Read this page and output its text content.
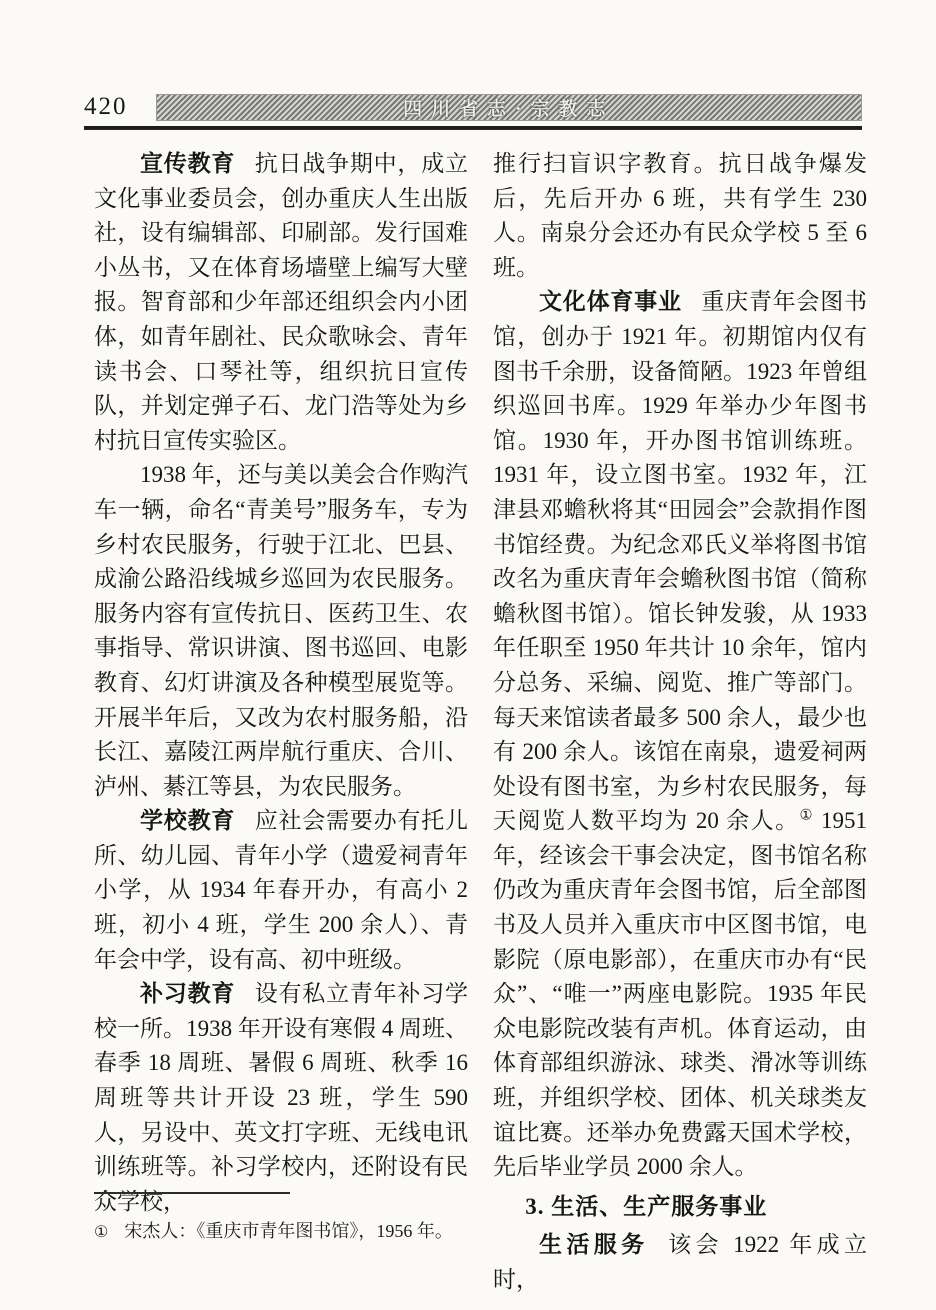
420	四川省志·宗教志

宣传教育 抗日战争期中，成立文化事业委员会，创办重庆人生出版社，设有编辑部、印刷部。发行国难小丛书，又在体育场墙壁上编写大壁报。智育部和少年部还组织会内小团体，如青年剧社、民众歌咏会、青年读书会、口琴社等，组织抗日宣传队，并划定弹子石、龙门浩等处为乡村抗日宣传实验区。

1938 年，还与美以美会合作购汽车一辆，命名“青美号”服务车，专为乡村农民服务，行驶于江北、巴县、成渝公路沿线城乡巡回为农民服务。服务内容有宣传抗日、医药卫生、农事指导、常识讲演、图书巡回、电影教育、幻灯讲演及各种模型展览等。开展半年后，又改为农村服务船，沿长江、嘉陵江两岸航行重庆、合川、泸州、綦江等县，为农民服务。

学校教育 应社会需要办有托儿所、幼儿园、青年小学（遗爱祠青年小学，从 1934 年春开办，有高小 2 班，初小 4 班，学生 200 余人）、青年会中学，设有高、初中班级。

补习教育 设有私立青年补习学校一所。1938 年开设有寒假 4 周班、春季 18 周班、暑假 6 周班、秋季 16 周班等共计开设 23 班，学生 590 人，另设中、英文打字班、无线电讯训练班等。补习学校内，还附设有民众学校，

推行扫盲识字教育。抗日战争爆发后，先后开办 6 班，共有学生 230 人。南泉分会还办有民众学校 5 至 6 班。

文化体育事业 重庆青年会图书馆，创办于 1921 年。初期馆内仅有图书千余册，设备简陋。1923 年曾组织巡回书库。1929 年举办少年图书馆。1930 年，开办图书馆训练班。1931 年，设立图书室。1932 年，江津县邓蟾秋将其“田园会”会款捐作图书馆经费。为纪念邓氏义举将图书馆改名为重庆青年会蟾秋图书馆（简称蟾秋图书馆）。馆长钟发骏，从 1933 年任职至 1950 年共计 10 余年，馆内分总务、采编、阅览、推广等部门。每天来馆读者最多 500 余人，最少也有 200 余人。该馆在南泉，遗爱祠两处设有图书室，为乡村农民服务，每天阅览人数平均为 20 余人。① 1951 年，经该会干事会决定，图书馆名称仍改为重庆青年会图书馆，后全部图书及人员并入重庆市中区图书馆，电影院（原电影部），在重庆市办有“民众”、“唯一”两座电影院。1935 年民众电影院改装有声机。体育运动，由体育部组织游泳、球类、滑冰等训练班，并组织学校、团体、机关球类友谊比赛。还举办免费露天国术学校，先后毕业学员 2000 余人。

3. 生活、生产服务事业

生活服务 该会 1922 年成立时，

① 宋杰人：《重庆市青年图书馆》，1956 年。
